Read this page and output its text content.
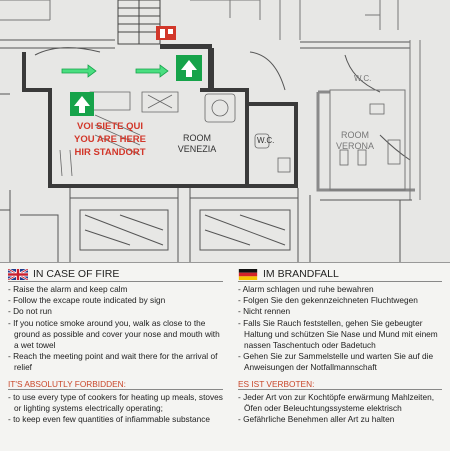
ROOM
VENEZIA
ROOM
VERONA
W.C.
W.C.
VOI SIETE QUI
YOU ARE HERE
HIR STANDORT
IN CASE OF FIRE
- Raise the alarm and keep calm
- Follow the excape route indicated by sign
- Do not run
- If you notice smoke around you, walk as close to the ground as possible and cover your nose and mouth with a wet towel
- Reach the meeting point and wait there for the arrival of relief
IT'S ABSOLUTLY FORBIDDEN:
- to use every type of cookers for heating up meals, stoves or lighting systems electrically operating;
- to keep even few quantities of infiammable substance
IM BRANDFALL
- Alarm schlagen und ruhe bewahren
- Folgen Sie den gekennzeichneten Fluchtwegen
- Nicht rennen
- Falls Sie Rauch feststellen, gehen Sie gebeugter Haltung und schützen Sie Nase und Mund mit einem nassen Taschentuch oder Badetuch
- Gehen Sie zur Sammelstelle und warten Sie auf die Anweisungen der Notfallmannschaft
ES IST VERBOTEN:
- Jeder Art von zur Kochtöpfe erwärmung Mahlzeiten, Öfen oder Beleuchtungssysteme elektrisch
- Gefährliche Benehmen aller Art zu halten
